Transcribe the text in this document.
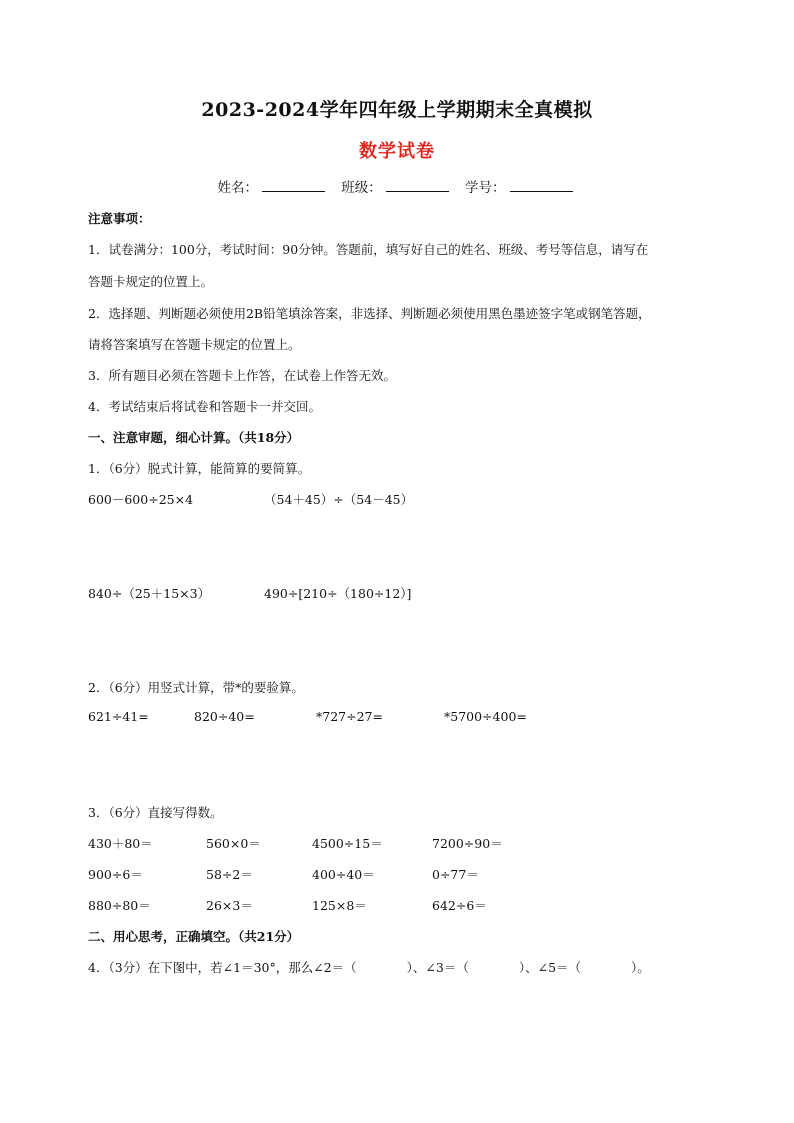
2023-2024学年四年级上学期期末全真模拟
数学试卷
姓名：	班级：	学号：
注意事项：
1．试卷满分：100分，考试时间：90分钟。答题前，填写好自己的姓名、班级、考号等信息，请写在
答题卡规定的位置上。
2．选择题、判断题必须使用2B铅笔填涂答案，非选择、判断题必须使用黑色墨迹签字笔或钢笔答题，
请将答案填写在答题卡规定的位置上。
3．所有题目必须在答题卡上作答，在试卷上作答无效。
4．考试结束后将试卷和答题卡一并交回。
一、注意审题，细心计算。（共18分）
1．（6分）脱式计算，能简算的要简算。
600－600÷25×4	（54＋45）÷（54－45）
840÷（25＋15×3）	490÷[210÷（180÷12）]
2．（6分）用竖式计算，带*的要验算。
621÷41=	820÷40=	*727÷27=	*5700÷400=
3．（6分）直接写得数。
430＋80＝	560×0＝	4500÷15＝	7200÷90＝
900÷6＝	58÷2＝	400÷40＝	0÷77＝
880÷80＝	26×3＝	125×8＝	642÷6＝
二、用心思考，正确填空。（共21分）
4．（3分）在下图中，若∠1＝30°，那么∠2＝（　　　　）、∠3＝（　　　　）、∠5＝（　　　　）。
